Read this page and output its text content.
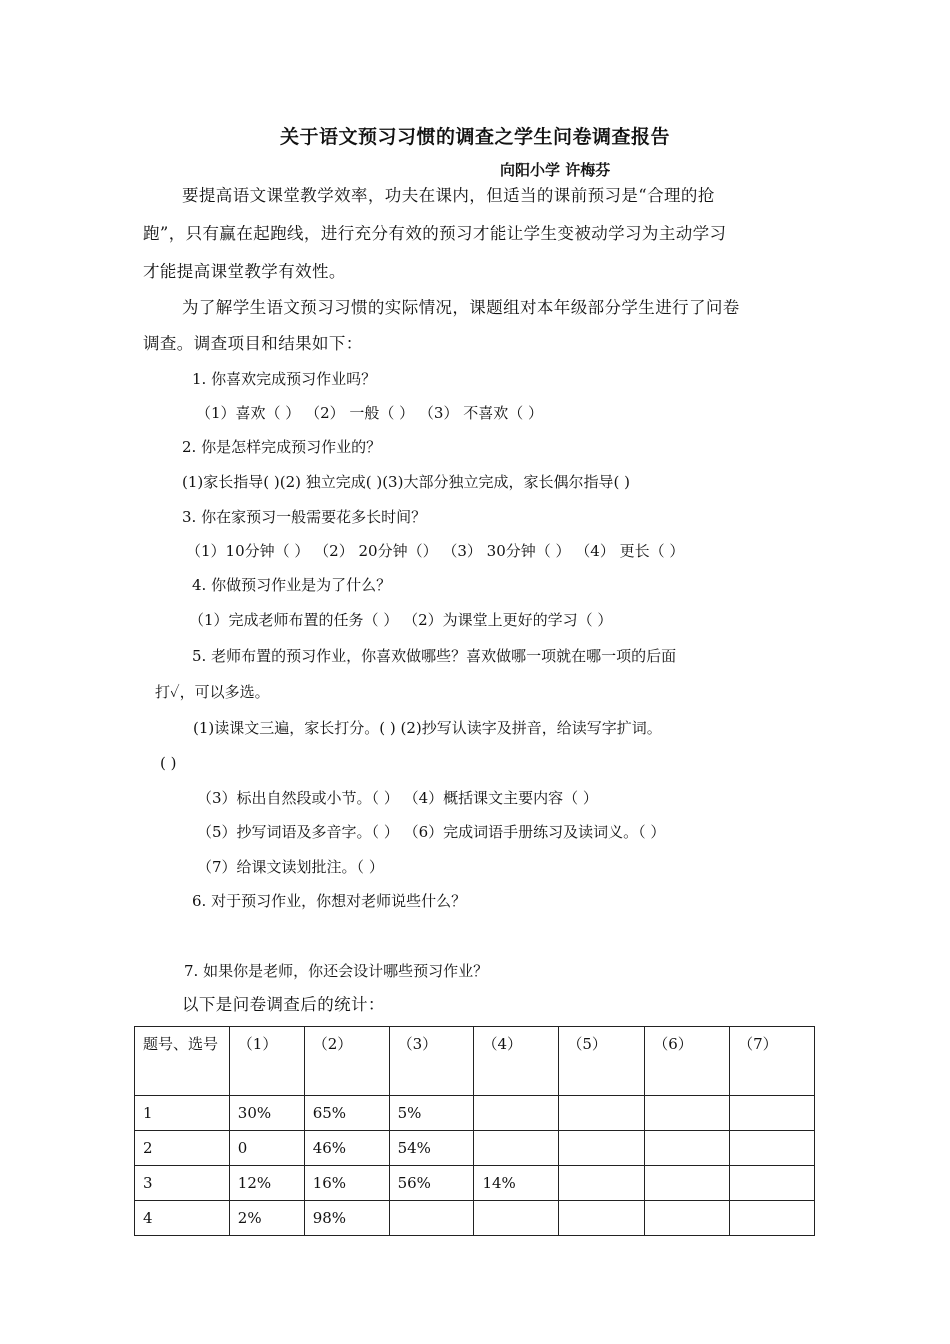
关于语文预习习惯的调查之学生问卷调查报告
向阳小学 许梅芬
要提高语文课堂教学效率，功夫在课内，但适当的课前预习是“合理的抢
跑”，只有赢在起跑线，进行充分有效的预习才能让学生变被动学习为主动学习
才能提高课堂教学有效性。
为了解学生语文预习习惯的实际情况，课题组对本年级部分学生进行了问卷
调查。调查项目和结果如下：
1. 你喜欢完成预习作业吗？
（1）喜欢（ ） （2） 一般（ ） （3） 不喜欢（ ）
2. 你是怎样完成预习作业的？
(1)家长指导( )(2) 独立完成( )(3)大部分独立完成，家长偶尔指导( )
3. 你在家预习一般需要花多长时间？
（1）10分钟（ ） （2） 20分钟（） （3） 30分钟（ ） （4） 更长（ ）
4. 你做预习作业是为了什么？
（1）完成老师布置的任务（ ） （2）为课堂上更好的学习（ ）
5. 老师布置的预习作业，你喜欢做哪些？喜欢做哪一项就在哪一项的后面
打✓，可以多选。
(1)读课文三遍，家长打分。( ) (2)抄写认读字及拼音，给读写字扩词。
( )
（3）标出自然段或小节。（ ） （4）概括课文主要内容（ ）
（5）抄写词语及多音字。（ ） （6）完成词语手册练习及读词义。（ ）
（7）给课文读划批注。（ ）
6. 对于预习作业，你想对老师说些什么？
7. 如果你是老师，你还会设计哪些预习作业？
以下是问卷调查后的统计：
题号、选号	（1）	（2）	（3）	（4）	（5）	（6）	（7）
1	30%	65%	5%				
2	0	46%	54%				
3	12%	16%	56%	14%			
4	2%	98%					
